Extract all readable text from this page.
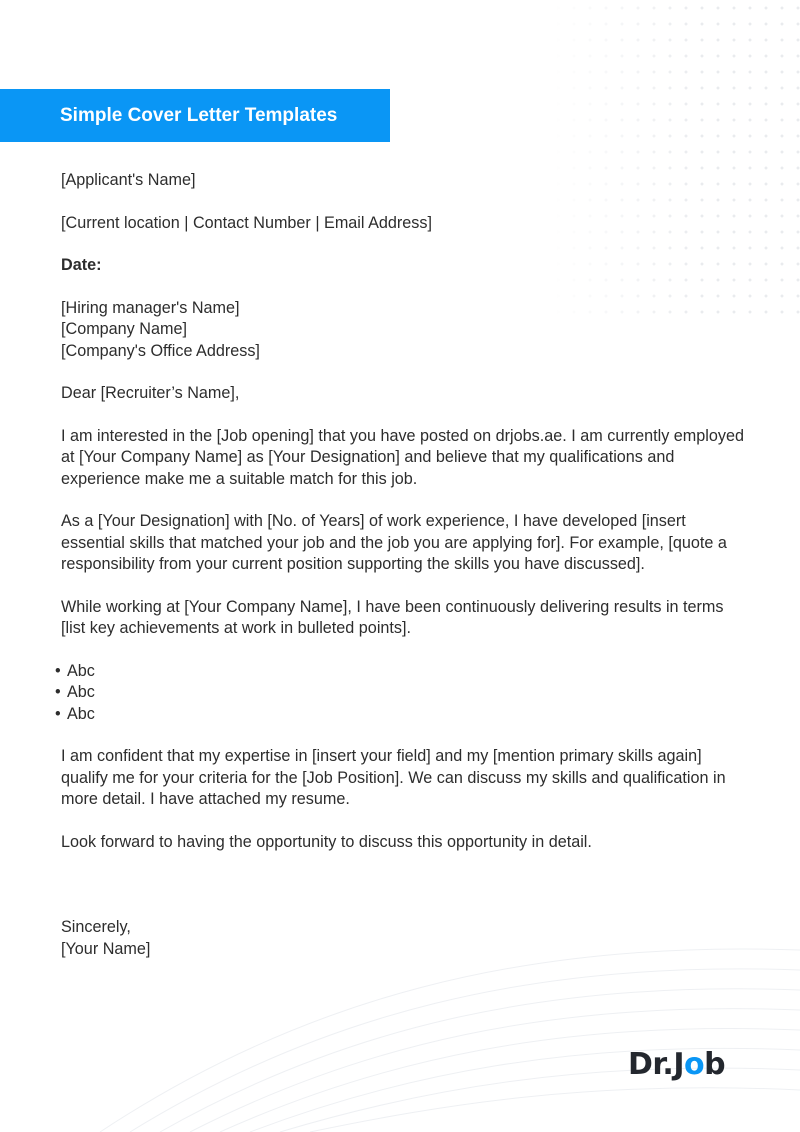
Simple Cover Letter Templates

[Applicant's Name]

[Current location | Contact Number | Email Address]

Date:

[Hiring manager's Name]

[Company Name]

[Company's Office Address]

Dear [Recruiter’s Name],

I am interested in the [Job opening] that you have posted on drjobs.ae. I am currently employed at [Your Company Name] as [Your Designation] and believe that my qualifications and experience make me a suitable match for this job.

As a [Your Designation] with [No. of Years] of work experience, I have developed [insert essential skills that matched your job and the job you are applying for]. For example, [quote a responsibility from your current position supporting the skills you have discussed].

While working at [Your Company Name], I have been continuously delivering results in terms [list key achievements at work in bulleted points].

• Abc
• Abc
• Abc

I am confident that my expertise in [insert your field] and my [mention primary skills again] qualify me for your criteria for the [Job Position]. We can discuss my skills and qualification in more detail. I have attached my resume.

Look forward to having the opportunity to discuss this opportunity in detail.

Sincerely,

[Your Name]

Dr.Job
